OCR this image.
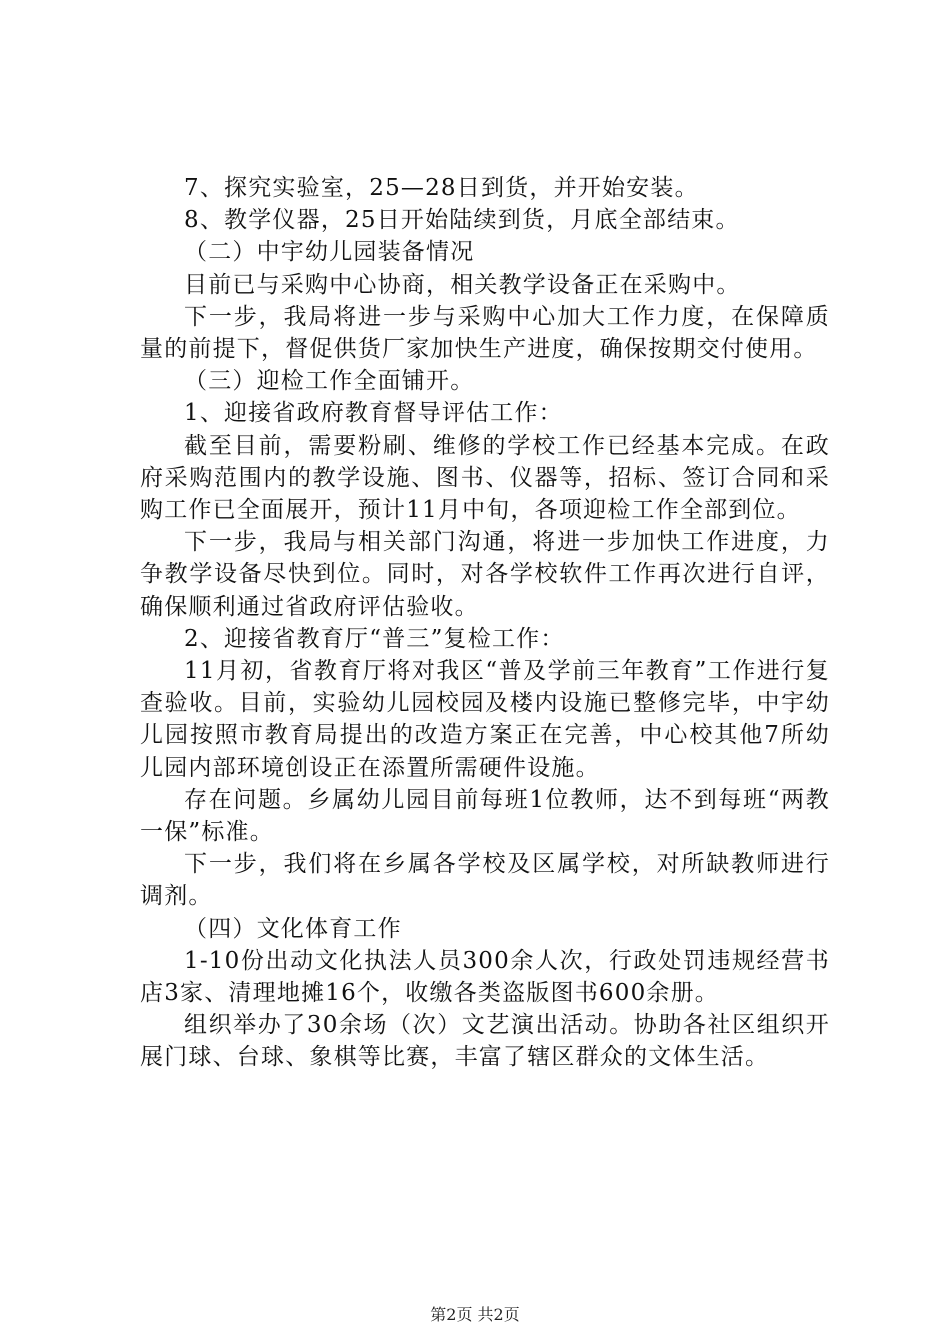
7、探究实验室，25—28日到货，并开始安装。

8、教学仪器，25日开始陆续到货，月底全部结束。

（二）中宇幼儿园装备情况

目前已与采购中心协商，相关教学设备正在采购中。

下一步，我局将进一步与采购中心加大工作力度，在保障质量的前提下，督促供货厂家加快生产进度，确保按期交付使用。

（三）迎检工作全面铺开。

1、迎接省政府教育督导评估工作：

截至目前，需要粉刷、维修的学校工作已经基本完成。在政府采购范围内的教学设施、图书、仪器等，招标、签订合同和采购工作已全面展开，预计11月中旬，各项迎检工作全部到位。

下一步，我局与相关部门沟通，将进一步加快工作进度，力争教学设备尽快到位。同时，对各学校软件工作再次进行自评，确保顺利通过省政府评估验收。

2、迎接省教育厅“普三”复检工作：

11月初，省教育厅将对我区“普及学前三年教育”工作进行复查验收。目前，实验幼儿园校园及楼内设施已整修完毕，中宇幼儿园按照市教育局提出的改造方案正在完善，中心校其他7所幼儿园内部环境创设正在添置所需硬件设施。

存在问题。乡属幼儿园目前每班1位教师，达不到每班“两教一保”标准。

下一步，我们将在乡属各学校及区属学校，对所缺教师进行调剂。

（四）文化体育工作

1-10份出动文化执法人员300余人次，行政处罚违规经营书店3家、清理地摊16个，收缴各类盗版图书600余册。

组织举办了30余场（次）文艺演出活动。协助各社区组织开展门球、台球、象棋等比赛，丰富了辖区群众的文体生活。

第2页 共2页
